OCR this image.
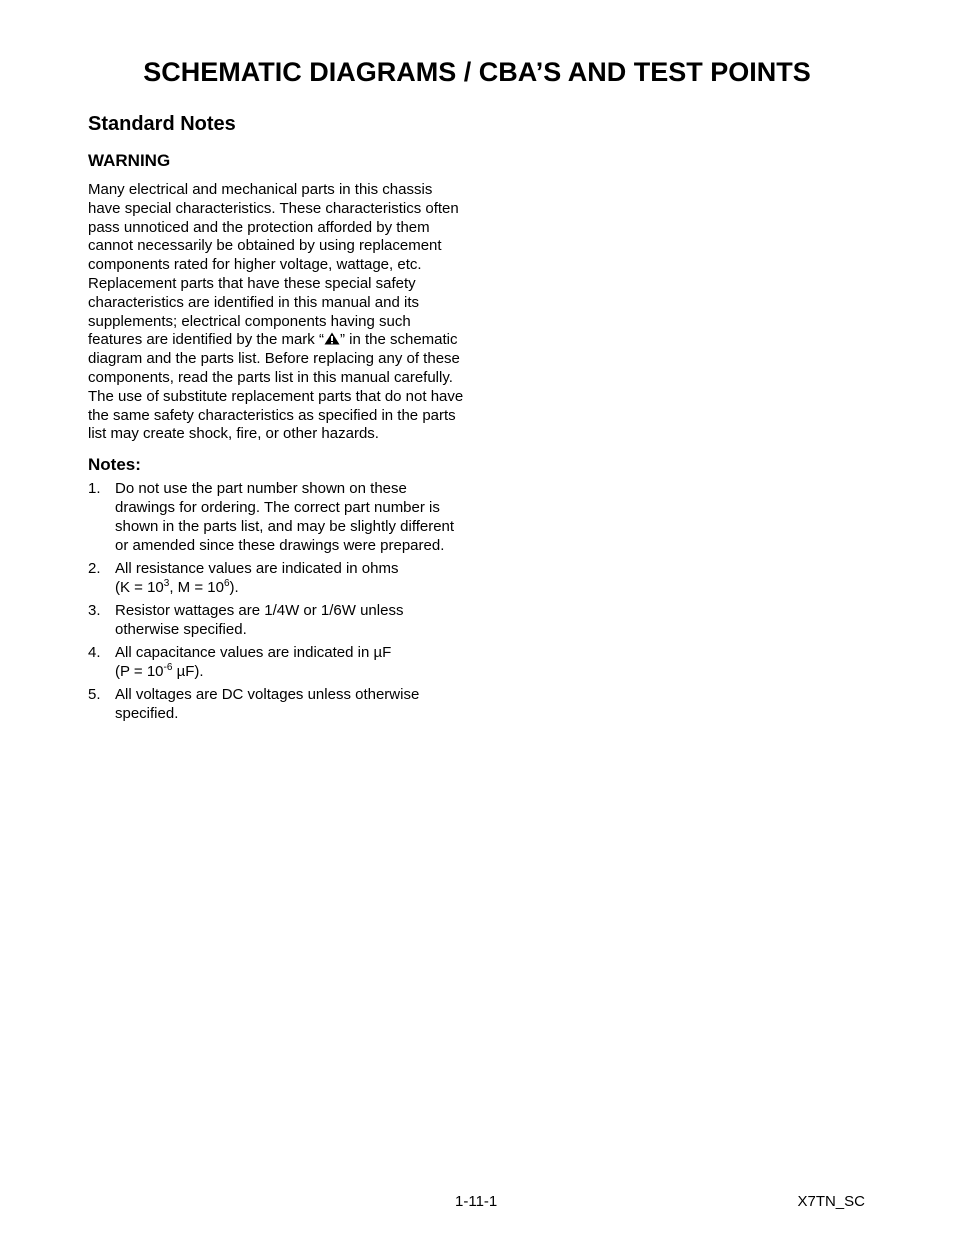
SCHEMATIC DIAGRAMS / CBA’S AND TEST POINTS
Standard Notes
WARNING

Many electrical and mechanical parts in this chassis have special characteristics. These characteristics often pass unnoticed and the protection afforded by them cannot necessarily be obtained by using replacement components rated for higher voltage, wattage, etc. Replacement parts that have these special safety characteristics are identified in this manual and its supplements; electrical components having such features are identified by the mark “ ” in the schematic diagram and the parts list. Before replacing any of these components, read the parts list in this manual carefully. The use of substitute replacement parts that do not have the same safety characteristics as specified in the parts list may create shock, fire, or other hazards.

Notes:
1. Do not use the part number shown on these drawings for ordering. The correct part number is shown in the parts list, and may be slightly different or amended since these drawings were prepared.
2. All resistance values are indicated in ohms
($K = 10^3$, $M = 10^6$).
3. Resistor wattages are 1/4W or 1/6W unless otherwise specified.
4. All capacitance values are indicated in µF
($P = 10^{-6}$ µF).
5. All voltages are DC voltages unless otherwise specified.
1-11-1	X7TN_SC
